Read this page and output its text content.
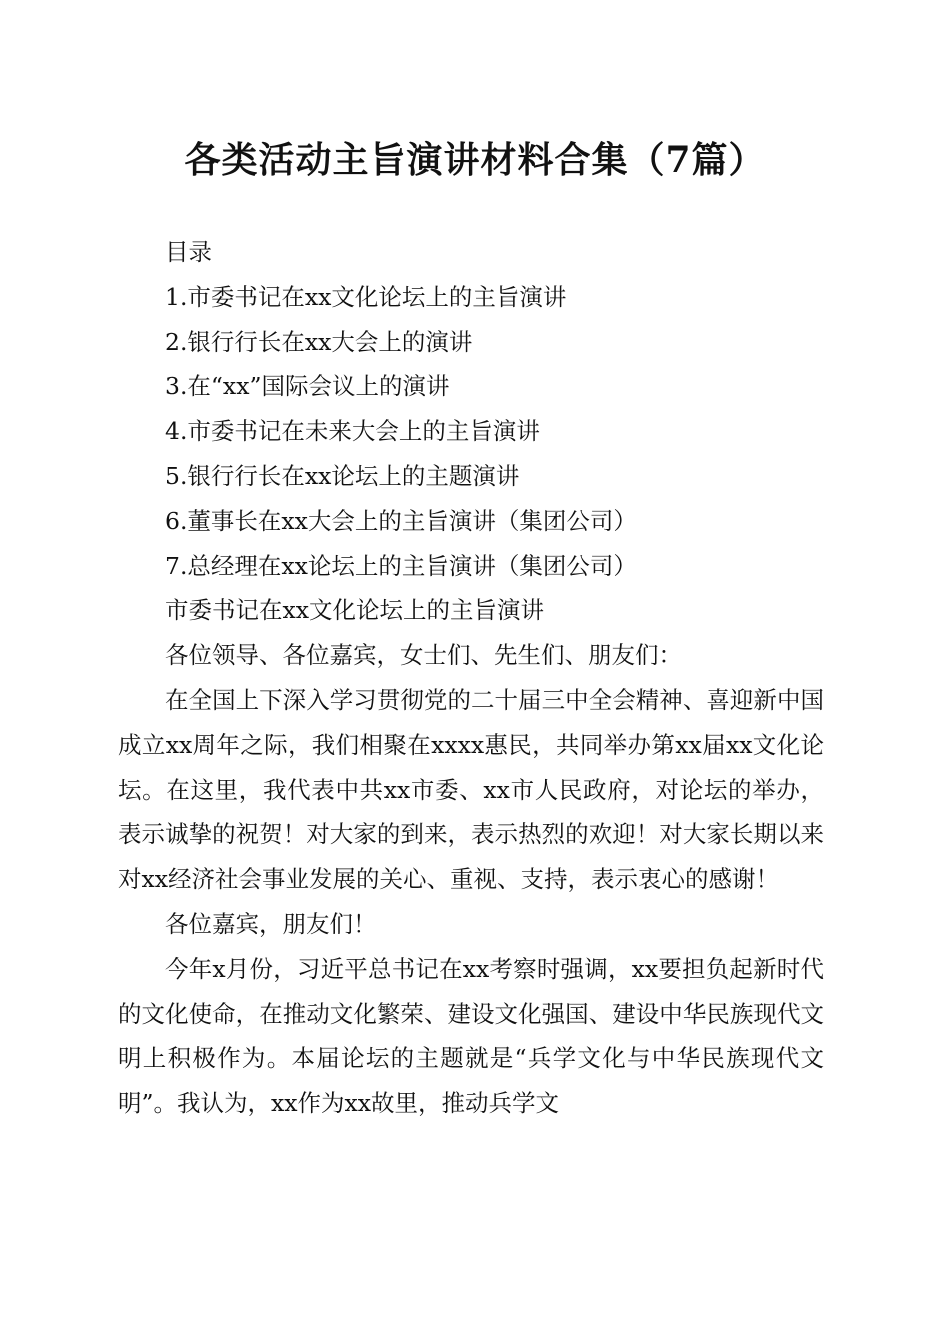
各类活动主旨演讲材料合集（7篇）

目录

1.市委书记在xx文化论坛上的主旨演讲

2.银行行长在xx大会上的演讲

3.在“xx”国际会议上的演讲

4.市委书记在未来大会上的主旨演讲

5.银行行长在xx论坛上的主题演讲

6.董事长在xx大会上的主旨演讲（集团公司）

7.总经理在xx论坛上的主旨演讲（集团公司）

市委书记在xx文化论坛上的主旨演讲

各位领导、各位嘉宾，女士们、先生们、朋友们：

在全国上下深入学习贯彻党的二十届三中全会精神、喜迎新中国成立xx周年之际，我们相聚在xxxx惠民，共同举办第xx届xx文化论坛。在这里，我代表中共xx市委、xx市人民政府，对论坛的举办，表示诚挚的祝贺！对大家的到来，表示热烈的欢迎！对大家长期以来对xx经济社会事业发展的关心、重视、支持，表示衷心的感谢！

各位嘉宾，朋友们！

今年x月份，习近平总书记在xx考察时强调，xx要担负起新时代的文化使命，在推动文化繁荣、建设文化强国、建设中华民族现代文明上积极作为。本届论坛的主题就是“兵学文化与中华民族现代文明”。我认为，xx作为xx故里，推动兵学文
